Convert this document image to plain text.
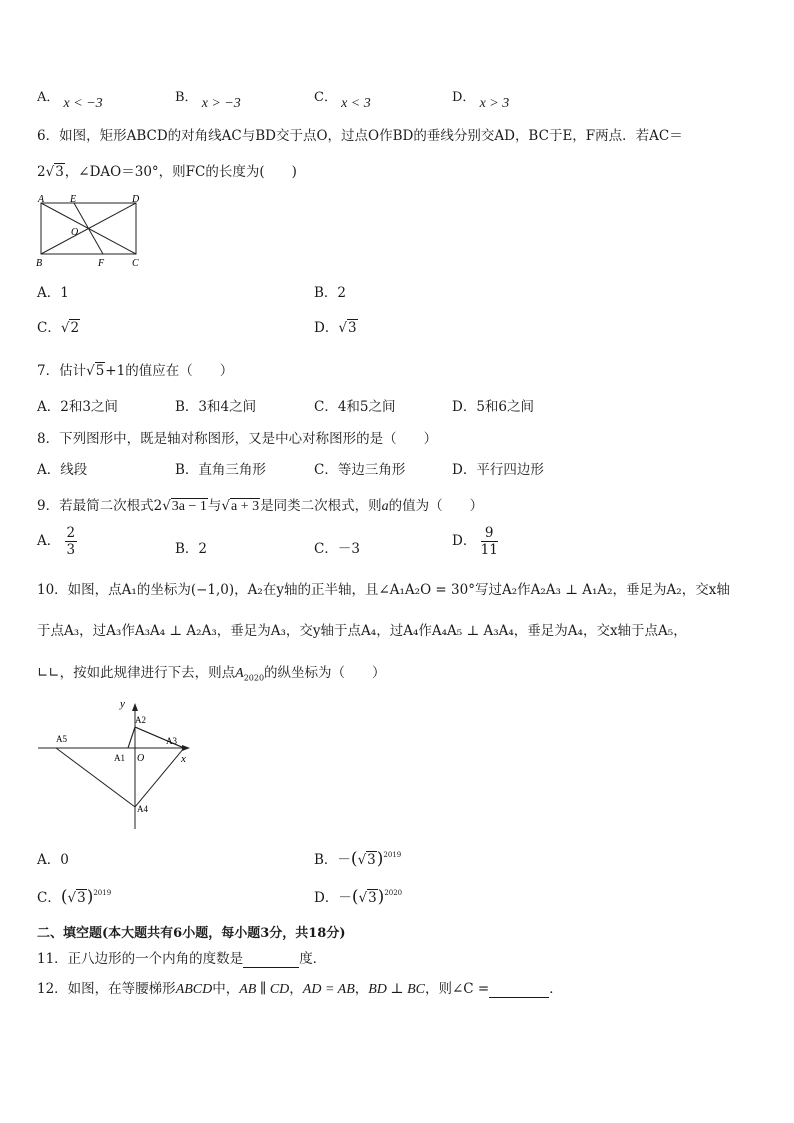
A． x < −3	B． x > −3	C． x < 3	D． x > 3
6．如图，矩形ABCD的对角线AC与BD交于点O，过点O作BD的垂线分别交AD，BC于E，F两点．若AC＝
2√3，∠DAO＝30°，则FC的长度为(　　)
A	E	D
O
B	F	C
A．1	B．2
C．√2	D．√3
7．估计√5+1的值应在（　　）
A．2和3之间	B．3和4之间	C．4和5之间	D．5和6之间
8．下列图形中，既是轴对称图形，又是中心对称图形的是（　　）
A．线段	B．直角三角形	C．等边三角形	D．平行四边形
9．若最简二次根式2√3a − 1与√a + 3是同类二次根式，则a的值为（　　）
A． $\frac{2}{3}$	B．2	C．－3	D． $\frac{9}{11}$
10．如图，点A₁的坐标为(−1,0)，A₂在y轴的正半轴，且∠A₁A₂O = 30°写过A₂作A₂A₃ ⊥ A₁A₂，垂足为A₂，交x轴
于点A₃，过A₃作A₃A₄ ⊥ A₂A₃，垂足为A₃，交y轴于点A₄，过A₄作A₄A₅ ⊥ A₃A₄，垂足为A₄，交x轴于点A₅，
∟∟，按如此规律进行下去，则点$A_{2020}$的纵坐标为（　　）
y
x
A2
A3
A5
A1 O
A4
A．0	B．$-(√3)^{2019}$
C．$(√3)^{2019}$	D．$-(√3)^{2020}$
二、填空题(本大题共有6小题，每小题3分，共18分)
11．正八边形的一个内角的度数是	度．
12．如图，在等腰梯形ABCD中，AB ∥ CD，AD = AB，BD ⊥ BC，则∠C =	．
